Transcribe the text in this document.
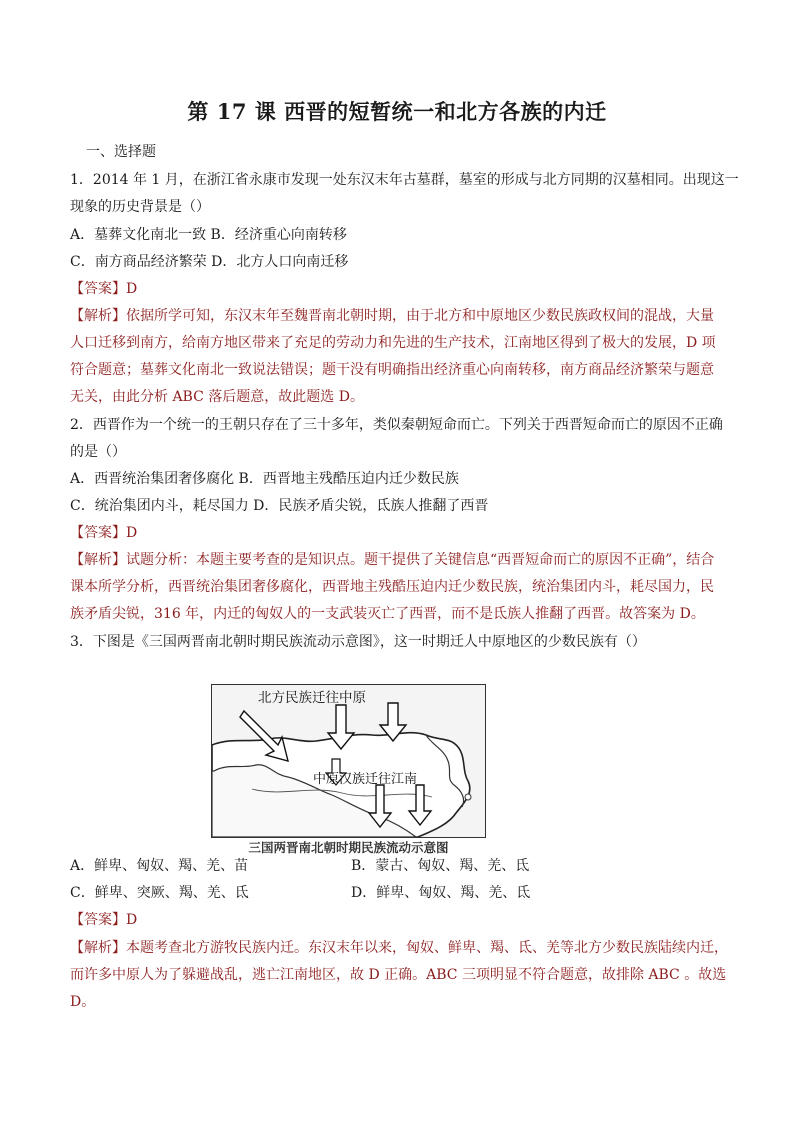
第 17 课 西晋的短暂统一和北方各族的内迁
一、选择题
1．2014 年 1 月，在浙江省永康市发现一处东汉末年古墓群，墓室的形成与北方同期的汉墓相同。出现这一
现象的历史背景是（）
A．墓葬文化南北一致 B．经济重心向南转移
C．南方商品经济繁荣 D．北方人口向南迁移
【答案】D
【解析】依据所学可知，东汉末年至魏晋南北朝时期，由于北方和中原地区少数民族政权间的混战，大量
人口迁移到南方，给南方地区带来了充足的劳动力和先进的生产技术，江南地区得到了极大的发展，D 项
符合题意；墓葬文化南北一致说法错误；题干没有明确指出经济重心向南转移，南方商品经济繁荣与题意
无关，由此分析 ABC 落后题意，故此题选 D。
2．西晋作为一个统一的王朝只存在了三十多年，类似秦朝短命而亡。下列关于西晋短命而亡的原因不正确
的是（）
A．西晋统治集团奢侈腐化 B．西晋地主残酷压迫内迁少数民族
C．统治集团内斗，耗尽国力 D．民族矛盾尖锐，氐族人推翻了西晋
【答案】D
【解析】试题分析：本题主要考查的是知识点。题干提供了关键信息“西晋短命而亡的原因不正确”，结合
课本所学分析，西晋统治集团奢侈腐化，西晋地主残酷压迫内迁少数民族，统治集团内斗，耗尽国力，民
族矛盾尖锐，316 年，内迁的匈奴人的一支武装灭亡了西晋，而不是氐族人推翻了西晋。故答案为 D。
3．下图是《三国两晋南北朝时期民族流动示意图》，这一时期迁人中原地区的少数民族有（）
北方民族迁往中原
中原汉族迁往江南
三国两晋南北朝时期民族流动示意图
A．鲜卑、匈奴、羯、羌、苗	B．蒙古、匈奴、羯、羌、氐
C．鲜卑、突厥、羯、羌、氐	D．鲜卑、匈奴、羯、羌、氐
【答案】D
【解析】本题考查北方游牧民族内迁。东汉末年以来，匈奴、鲜卑、羯、氐、羌等北方少数民族陆续内迁，
而许多中原人为了躲避战乱，逃亡江南地区，故 D 正确。ABC 三项明显不符合题意，故排除 ABC 。故选
D。
